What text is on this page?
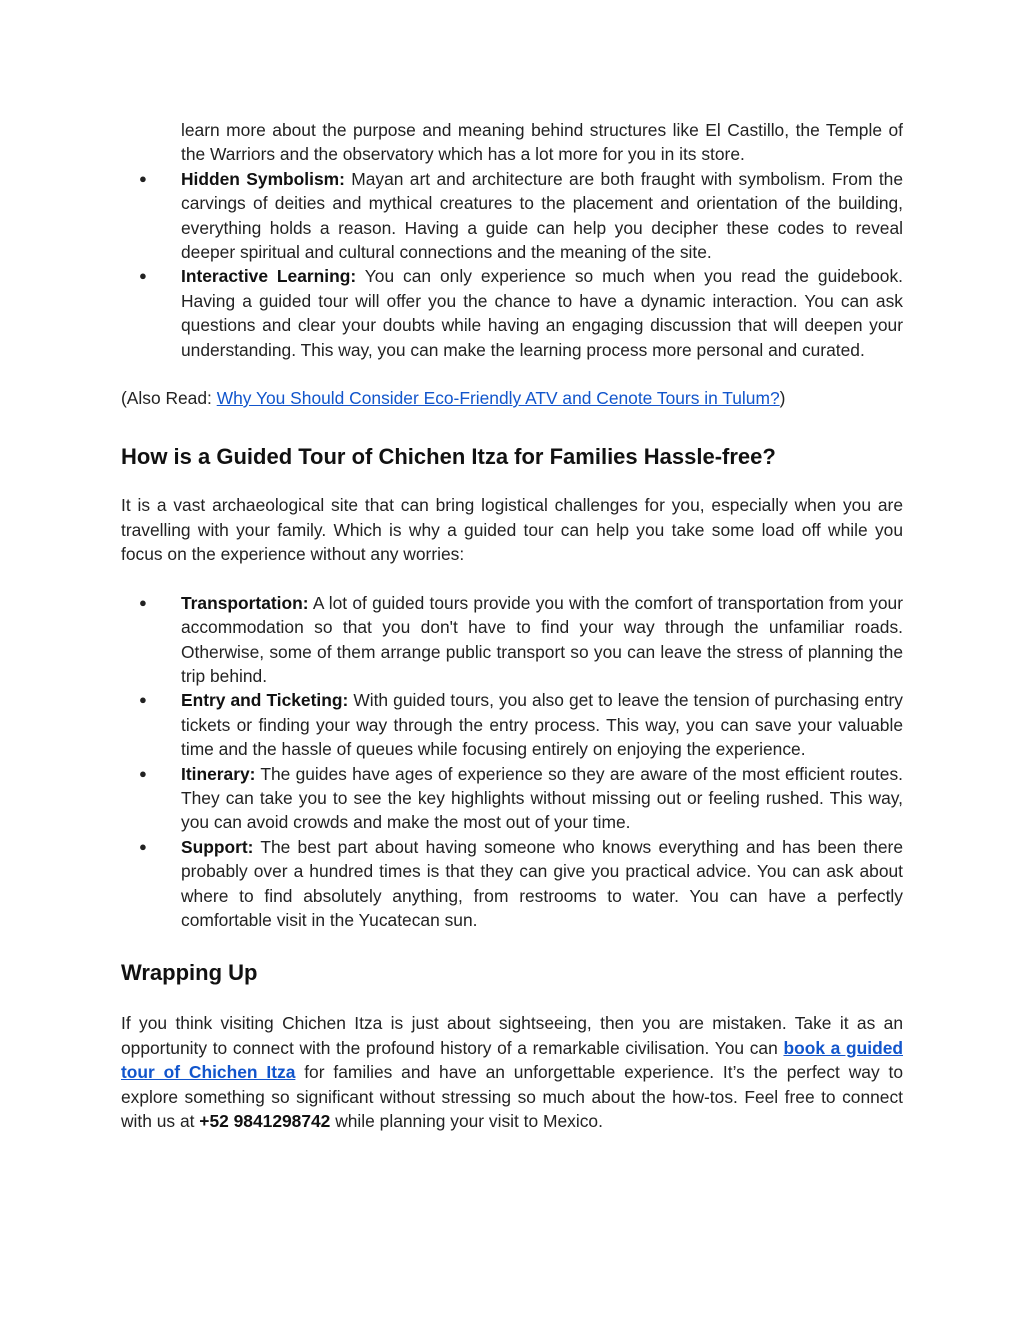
learn more about the purpose and meaning behind structures like El Castillo, the Temple of the Warriors and the observatory which has a lot more for you in its store.
● Hidden Symbolism: Mayan art and architecture are both fraught with symbolism. From the carvings of deities and mythical creatures to the placement and orientation of the building, everything holds a reason. Having a guide can help you decipher these codes to reveal deeper spiritual and cultural connections and the meaning of the site.
● Interactive Learning: You can only experience so much when you read the guidebook. Having a guided tour will offer you the chance to have a dynamic interaction. You can ask questions and clear your doubts while having an engaging discussion that will deepen your understanding. This way, you can make the learning process more personal and curated.

(Also Read: Why You Should Consider Eco-Friendly ATV and Cenote Tours in Tulum?)

How is a Guided Tour of Chichen Itza for Families Hassle-free?

It is a vast archaeological site that can bring logistical challenges for you, especially when you are travelling with your family. Which is why a guided tour can help you take some load off while you focus on the experience without any worries:

● Transportation: A lot of guided tours provide you with the comfort of transportation from your accommodation so that you don't have to find your way through the unfamiliar roads. Otherwise, some of them arrange public transport so you can leave the stress of planning the trip behind.
● Entry and Ticketing: With guided tours, you also get to leave the tension of purchasing entry tickets or finding your way through the entry process. This way, you can save your valuable time and the hassle of queues while focusing entirely on enjoying the experience.
● Itinerary: The guides have ages of experience so they are aware of the most efficient routes. They can take you to see the key highlights without missing out or feeling rushed. This way, you can avoid crowds and make the most out of your time.
● Support: The best part about having someone who knows everything and has been there probably over a hundred times is that they can give you practical advice. You can ask about where to find absolutely anything, from restrooms to water. You can have a perfectly comfortable visit in the Yucatecan sun.
Wrapping Up

If you think visiting Chichen Itza is just about sightseeing, then you are mistaken. Take it as an opportunity to connect with the profound history of a remarkable civilisation. You can book a guided tour of Chichen Itza for families and have an unforgettable experience. It’s the perfect way to explore something so significant without stressing so much about the how-tos. Feel free to connect with us at +52 9841298742 while planning your visit to Mexico.
